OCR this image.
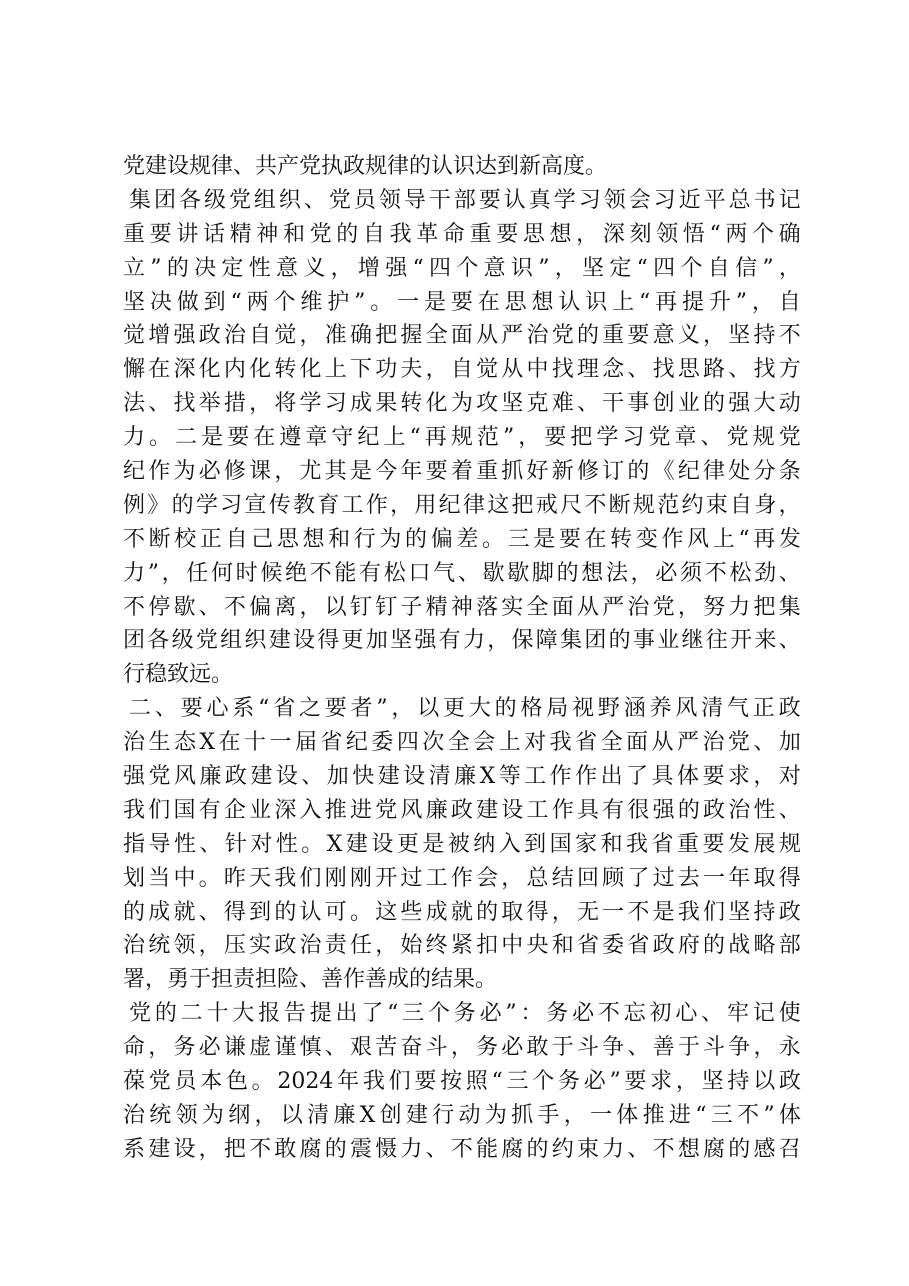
党建设规律、共产党执政规律的认识达到新高度。
集 团 各 级 党 组 织 、 党 员 领 导 干 部 要 认 真 学 习 领 会 习 近 平 总 书 记
重 要 讲 话 精 神 和 党 的 自 我 革 命 重 要 思 想 ， 深 刻 领 悟 “ 两 个 确
立 ” 的 决 定 性 意 义 ， 增 强 “ 四 个 意 识 ” ， 坚 定 “ 四 个 自 信 ” ，
坚 决 做 到 “ 两 个 维 护 ” 。 一 是 要 在 思 想 认 识 上 “ 再 提 升 ” ， 自
觉 增 强 政 治 自 觉 ， 准 确 把 握 全 面 从 严 治 党 的 重 要 意 义 ， 坚 持 不
懈 在 深 化 内 化 转 化 上 下 功 夫 ， 自 觉 从 中 找 理 念 、 找 思 路 、 找 方
法 、 找 举 措 ， 将 学 习 成 果 转 化 为 攻 坚 克 难 、 干 事 创 业 的 强 大 动
力 。 二 是 要 在 遵 章 守 纪 上 “ 再 规 范 ” ， 要 把 学 习 党 章 、 党 规 党
纪 作 为 必 修 课 ， 尤 其 是 今 年 要 着 重 抓 好 新 修 订 的 《 纪 律 处 分 条
例 》 的 学 习 宣 传 教 育 工 作 ， 用 纪 律 这 把 戒 尺 不 断 规 范 约 束 自 身 ，
不 断 校 正 自 己 思 想 和 行 为 的 偏 差 。 三 是 要 在 转 变 作 风 上 “ 再 发
力 ” ， 任 何 时 候 绝 不 能 有 松 口 气 、 歇 歇 脚 的 想 法 ， 必 须 不 松 劲 、
不 停 歇 、 不 偏 离 ， 以 钉 钉 子 精 神 落 实 全 面 从 严 治 党 ， 努 力 把 集
团 各 级 党 组 织 建 设 得 更 加 坚 强 有 力 ， 保 障 集 团 的 事 业 继 往 开 来 、
行稳致远。
二 、 要 心 系 “ 省 之 要 者 ” ， 以 更 大 的 格 局 视 野 涵 养 风 清 气 正 政
治 生 态 X 在 十 一 届 省 纪 委 四 次 全 会 上 对 我 省 全 面 从 严 治 党 、 加
强 党 风 廉 政 建 设 、 加 快 建 设 清 廉 X 等 工 作 作 出 了 具 体 要 求 ， 对
我 们 国 有 企 业 深 入 推 进 党 风 廉 政 建 设 工 作 具 有 很 强 的 政 治 性 、
指 导 性 、 针 对 性 。 X 建 设 更 是 被 纳 入 到 国 家 和 我 省 重 要 发 展 规
划 当 中 。 昨 天 我 们 刚 刚 开 过 工 作 会 ， 总 结 回 顾 了 过 去 一 年 取 得
的 成 就 、 得 到 的 认 可 。 这 些 成 就 的 取 得 ， 无 一 不 是 我 们 坚 持 政
治 统 领 ， 压 实 政 治 责 任 ， 始 终 紧 扣 中 央 和 省 委 省 政 府 的 战 略 部
署，勇于担责担险、善作善成的结果。
党 的 二 十 大 报 告 提 出 了 “ 三 个 务 必 ” ： 务 必 不 忘 初 心 、 牢 记 使
命 ， 务 必 谦 虚 谨 慎 、 艰 苦 奋 斗 ， 务 必 敢 于 斗 争 、 善 于 斗 争 ， 永
葆 党 员 本 色 。 2024 年 我 们 要 按 照 “ 三 个 务 必 ” 要 求 ， 坚 持 以 政
治 统 领 为 纲 ， 以 清 廉 X 创 建 行 动 为 抓 手 ， 一 体 推 进 “ 三 不 ” 体
系 建 设 ， 把 不 敢 腐 的 震 慑 力 、 不 能 腐 的 约 束 力 、 不 想 腐 的 感 召
